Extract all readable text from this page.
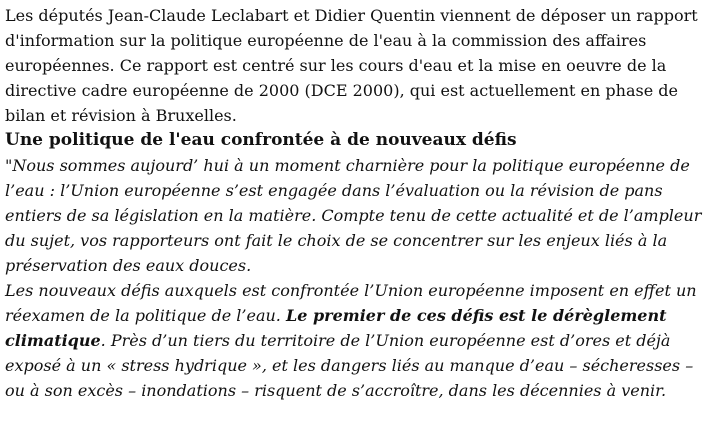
Les députés Jean-Claude Leclabart et Didier Quentin viennent de déposer un rapport d'information sur la politique européenne de l'eau à la commission des affaires européennes. Ce rapport est centré sur les cours d'eau et la mise en oeuvre de la directive cadre européenne de 2000 (DCE 2000), qui est actuellement en phase de bilan et révision à Bruxelles.

Une politique de l'eau confrontée à de nouveaux défis

"Nous sommes aujourd’ hui à un moment charnière pour la politique européenne de l’eau : l’Union européenne s’est engagée dans l’évaluation ou la révision de pans entiers de sa législation en la matière. Compte tenu de cette actualité et de l’ampleur du sujet, vos rapporteurs ont fait le choix de se concentrer sur les enjeux liés à la préservation des eaux douces.

Les nouveaux défis auxquels est confrontée l’Union européenne imposent en effet un réexamen de la politique de l’eau. Le premier de ces défis est le dérèglement climatique. Près d’un tiers du territoire de l’Union européenne est d’ores et déjà exposé à un « stress hydrique », et les dangers liés au manque d’eau – sécheresses – ou à son excès – inondations – risquent de s’accroître, dans les décennies à venir.
